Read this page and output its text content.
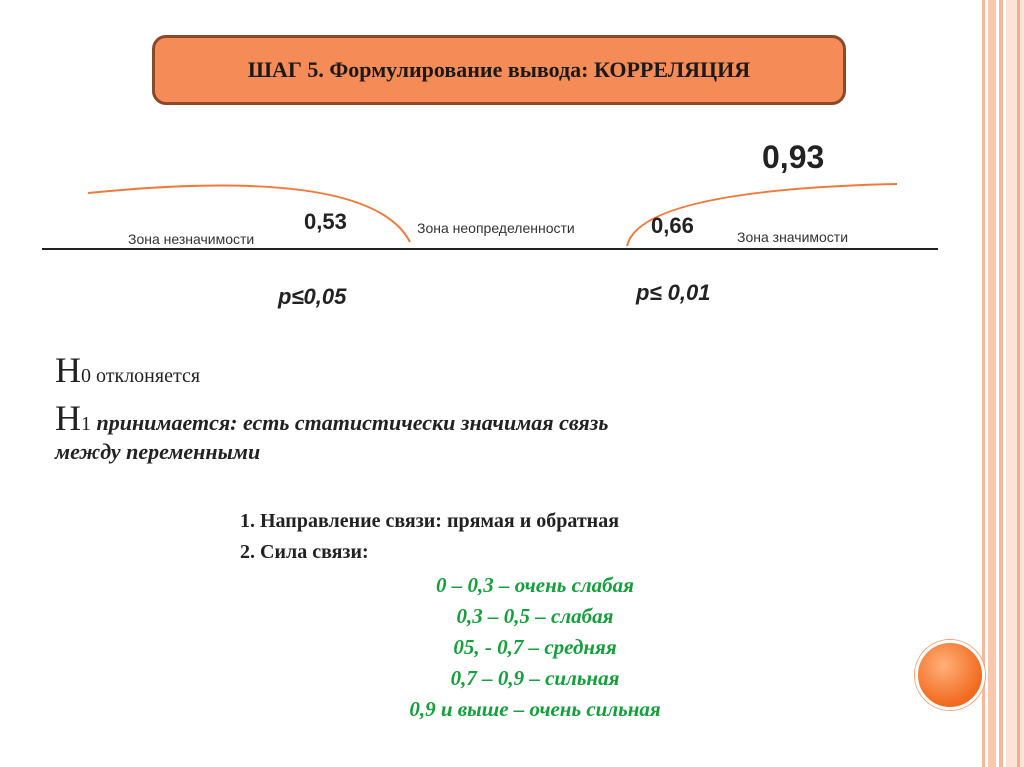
ШАГ 5. Формулирование вывода: КОРРЕЛЯЦИЯ
Зона незначимости
0,53	Зона неопределенности	0,66	Зона значимости
0,93
p≤0,05	p≤ 0,01
Н0 отклоняется
Н1 принимается: есть статистически значимая связь
между переменными
1. Направление связи: прямая и обратная
2. Сила связи:
0 – 0,3 – очень слабая
0,3 – 0,5 – слабая
05, - 0,7 – средняя
0,7 – 0,9 – сильная
0,9 и выше – очень сильная
